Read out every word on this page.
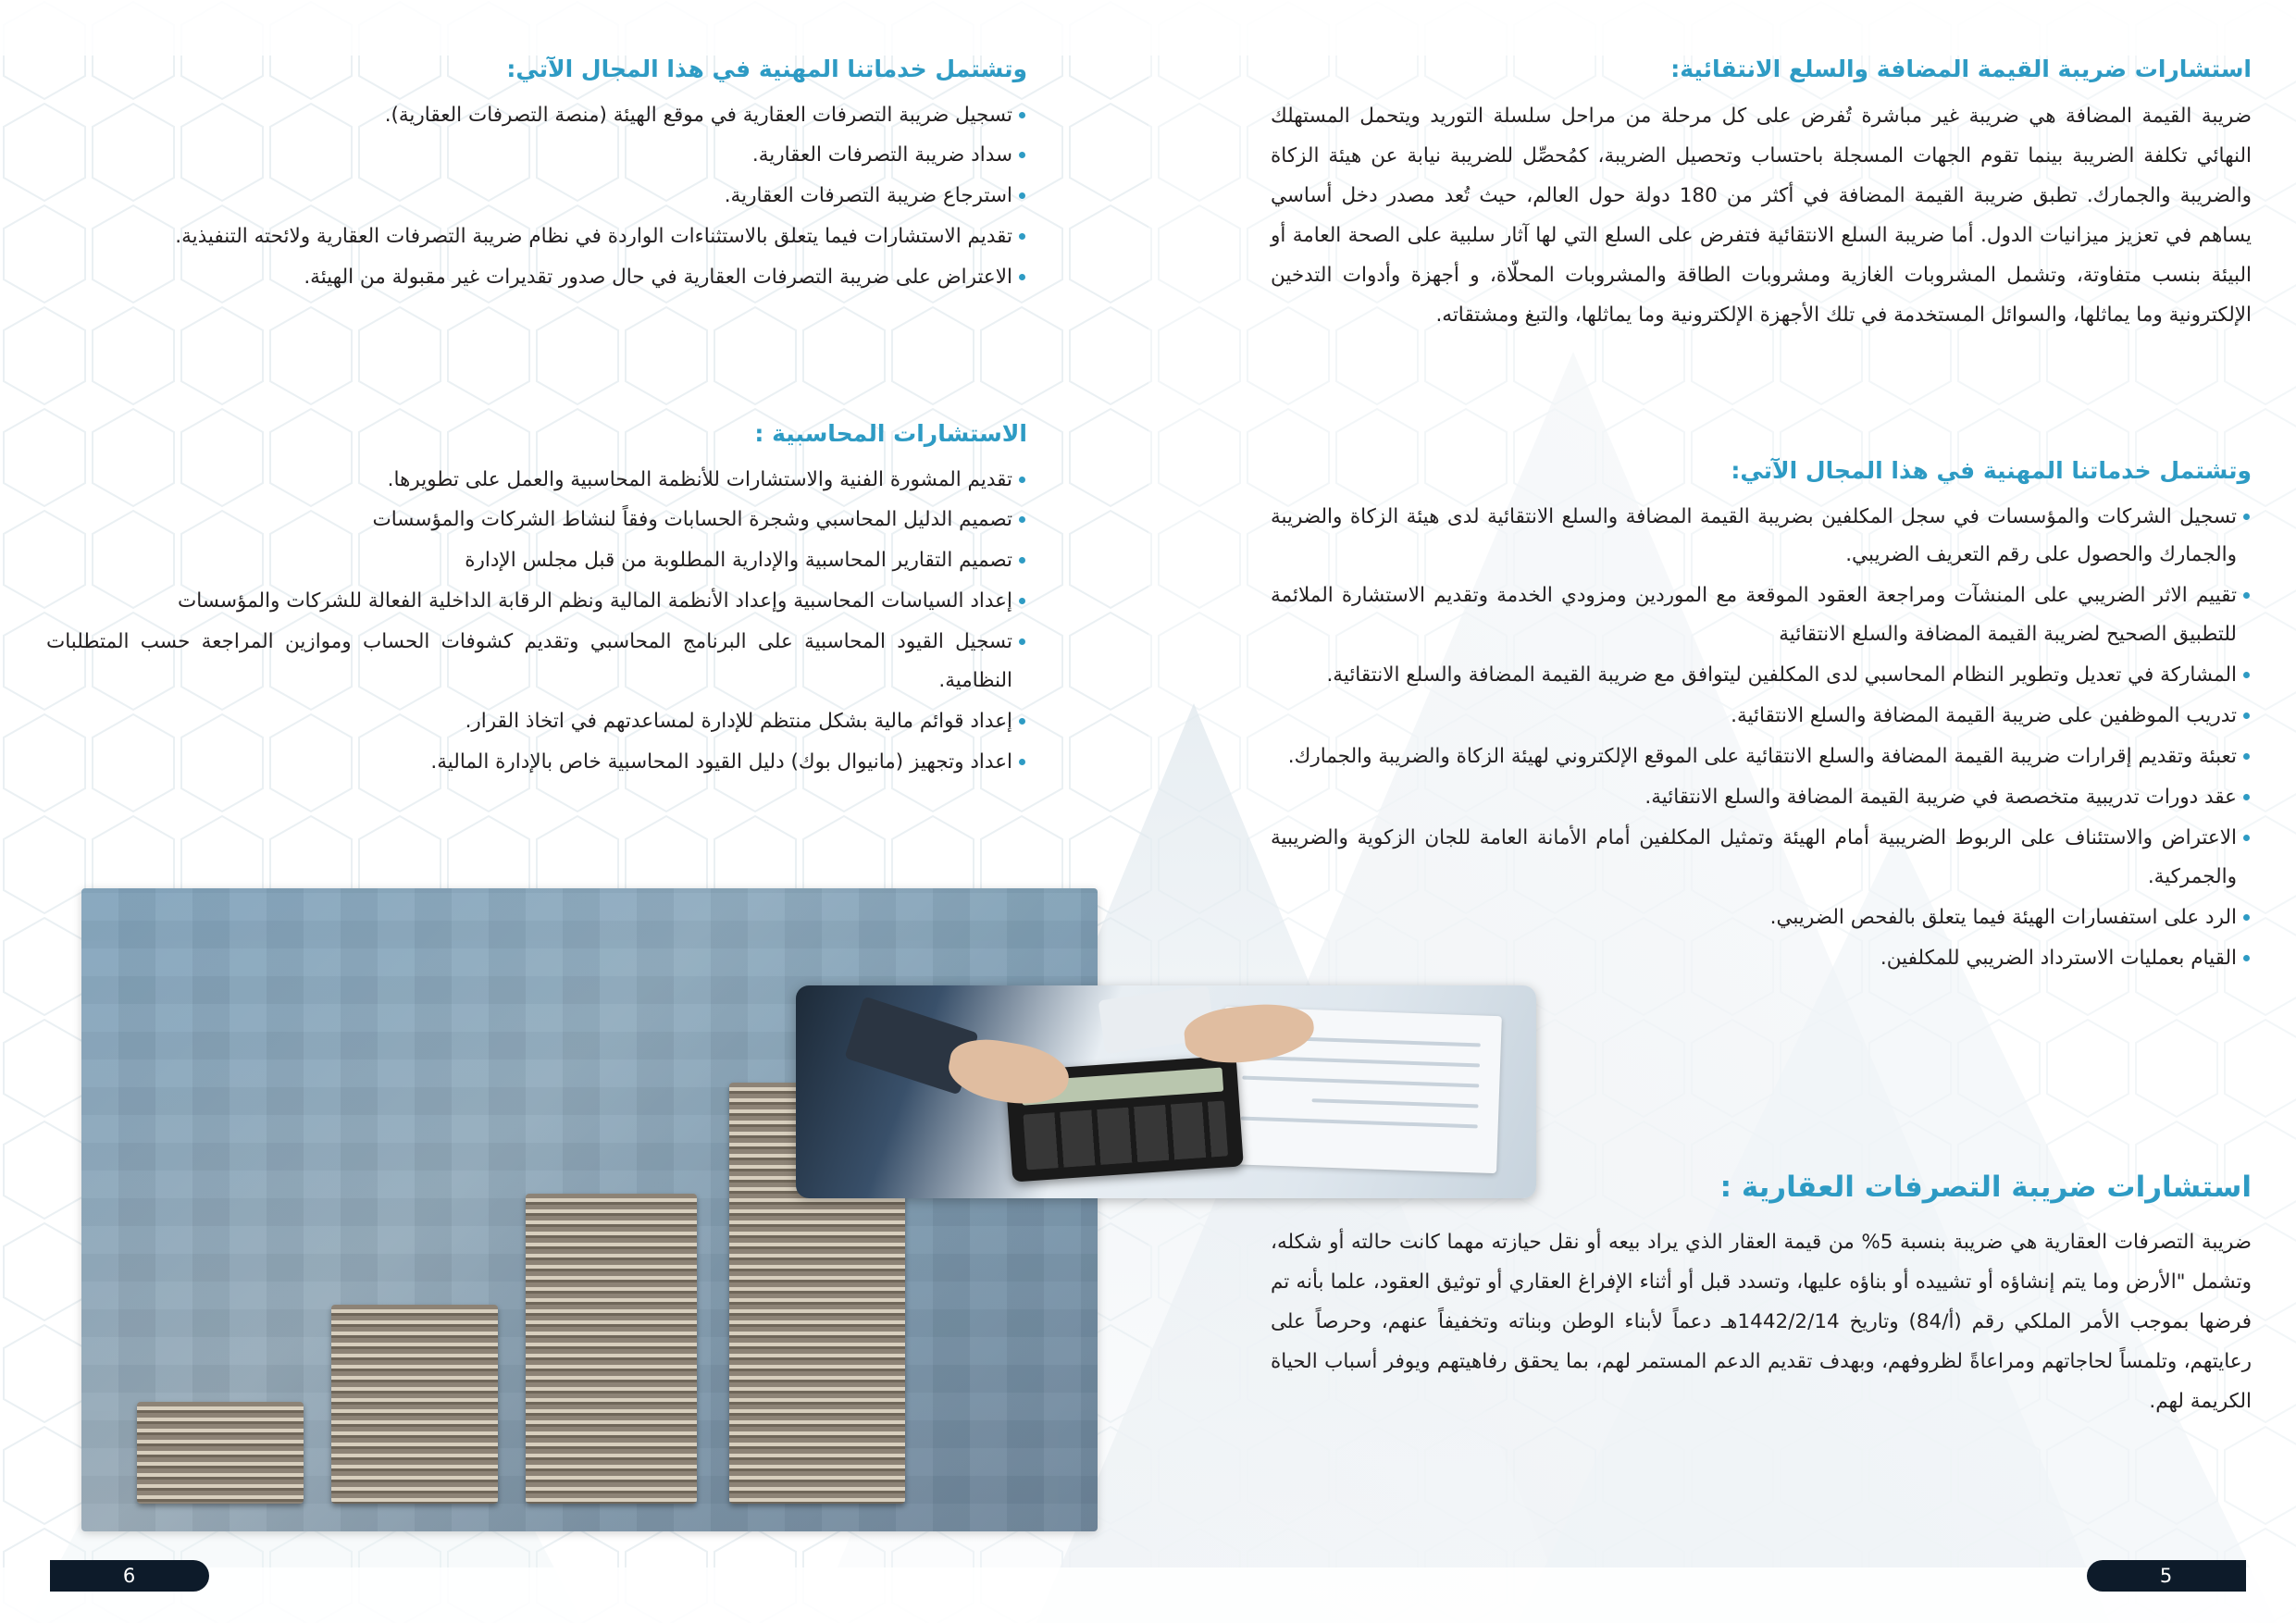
استشارات ضريبة القيمة المضافة والسلع الانتقائية:

ضريبة القيمة المضافة هي ضريبة غير مباشرة تُفرض على كل مرحلة من مراحل سلسلة التوريد ويتحمل المستهلك النهائي تكلفة الضريبة بينما تقوم الجهات المسجلة باحتساب وتحصيل الضريبة، كمُحصِّل للضريبة نيابة عن هيئة الزكاة والضريبة والجمارك. تطبق ضريبة القيمة المضافة في أكثر من 180 دولة حول العالم، حيث تُعد مصدر دخل أساسي يساهم في تعزيز ميزانيات الدول. أما ضريبة السلع الانتقائية فتفرض على السلع التي لها آثار سلبية على الصحة العامة أو البيئة بنسب متفاوتة، وتشمل المشروبات الغازية ومشروبات الطاقة والمشروبات المحلّاة، و أجهزة وأدوات التدخين الإلكترونية وما يماثلها، والسوائل المستخدمة في تلك الأجهزة الإلكترونية وما يماثلها، والتبغ ومشتقاته.

وتشتمل خدماتنا المهنية في هذا المجال الآتي:
تسجيل الشركات والمؤسسات في سجل المكلفين بضريبة القيمة المضافة والسلع الانتقائية لدى هيئة الزكاة والضريبة والجمارك والحصول على رقم التعريف الضريبي.
تقييم الاثر الضريبي على المنشآت ومراجعة العقود الموقعة مع الموردين ومزودي الخدمة وتقديم الاستشارة الملائمة للتطبيق الصحيح لضريبة القيمة المضافة والسلع الانتقائية
المشاركة في تعديل وتطوير النظام المحاسبي لدى المكلفين ليتوافق مع ضريبة القيمة المضافة والسلع الانتقائية.
تدريب الموظفين على ضريبة القيمة المضافة والسلع الانتقائية.
تعبئة وتقديم إقرارات ضريبة القيمة المضافة والسلع الانتقائية على الموقع الإلكتروني لهيئة الزكاة والضريبة والجمارك.
عقد دورات تدريبية متخصصة في ضريبة القيمة المضافة والسلع الانتقائية.
الاعتراض والاستئناف على الربوط الضريبية أمام الهيئة وتمثيل المكلفين أمام الأمانة العامة للجان الزكوية والضريبية والجمركية.
الرد على استفسارات الهيئة فيما يتعلق بالفحص الضريبي.
القيام بعمليات الاسترداد الضريبي للمكلفين.
استشارات ضريبة التصرفات العقارية :

ضريبة التصرفات العقارية هي ضريبة بنسبة 5% من قيمة العقار الذي يراد بيعه أو نقل حيازته مهما كانت حالته أو شكله، وتشمل "الأرض وما يتم إنشاؤه أو تشييده أو بناؤه عليها، وتسدد قبل أو أثناء الإفراغ العقاري أو توثيق العقود، علما بأنه تم فرضها بموجب الأمر الملكي رقم (أ/84) وتاريخ 1442/2/14هـ دعماً لأبناء الوطن وبناته وتخفيفاً عنهم، وحرصاً على رعايتهم، وتلمساً لحاجاتهم ومراعاةً لظروفهم، وبهدف تقديم الدعم المستمر لهم، بما يحقق رفاهيتهم ويوفر أسباب الحياة الكريمة لهم.

5
وتشتمل خدماتنا المهنية في هذا المجال الآتي:
تسجيل ضريبة التصرفات العقارية في موقع الهيئة (منصة التصرفات العقارية).
سداد ضريبة التصرفات العقارية.
استرجاع ضريبة التصرفات العقارية.
تقديم الاستشارات فيما يتعلق بالاستثناءات الواردة في نظام ضريبة التصرفات العقارية ولائحته التنفيذية.
الاعتراض على ضريبة التصرفات العقارية في حال صدور تقديرات غير مقبولة من الهيئة.
الاستشارات المحاسبية :
تقديم المشورة الفنية والاستشارات للأنظمة المحاسبية والعمل على تطويرها.
تصميم الدليل المحاسبي وشجرة الحسابات وفقاً لنشاط الشركات والمؤسسات
تصميم التقارير المحاسبية والإدارية المطلوبة من قبل مجلس الإدارة
إعداد السياسات المحاسبية وإعداد الأنظمة المالية ونظم الرقابة الداخلية الفعالة للشركات والمؤسسات
تسجيل القيود المحاسبية على البرنامج المحاسبي وتقديم كشوفات الحساب وموازين المراجعة حسب المتطلبات النظامية.
إعداد قوائم مالية بشكل منتظم للإدارة لمساعدتهم في اتخاذ القرار.
اعداد وتجهيز (مانيوال بوك) دليل القيود المحاسبية خاص بالإدارة المالية.
6
